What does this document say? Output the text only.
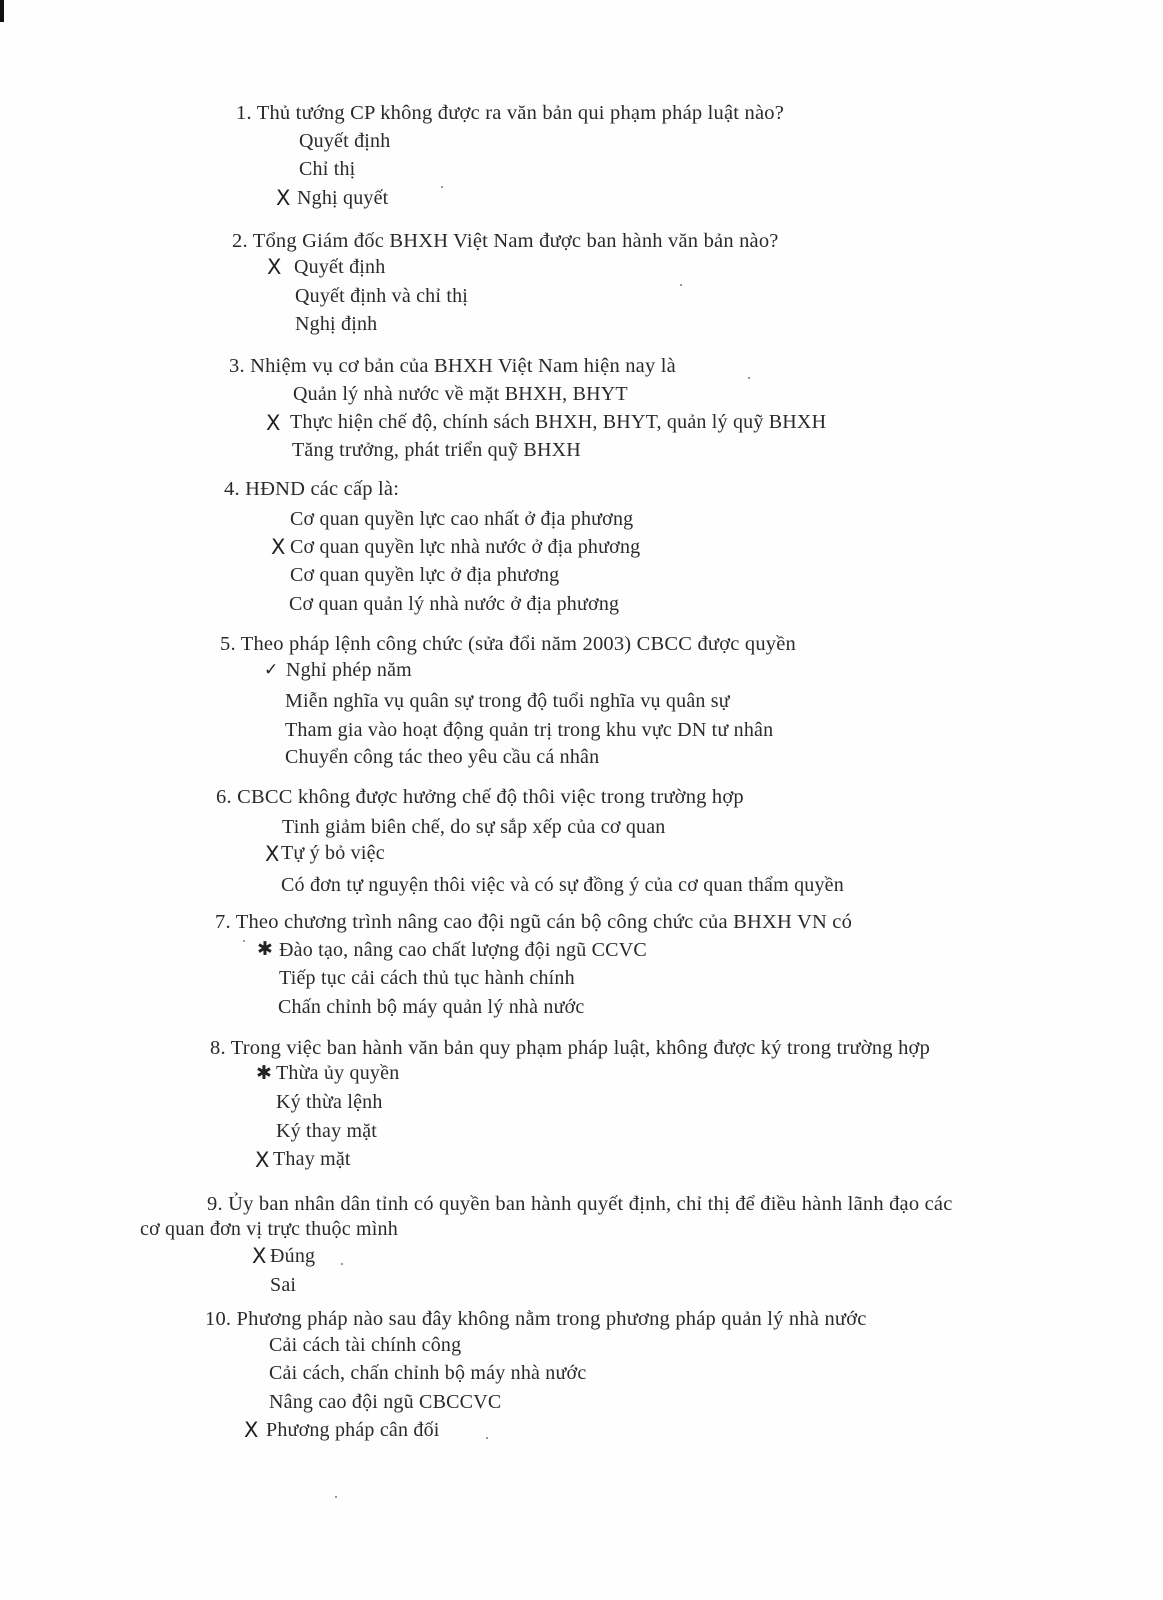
1. Thủ tướng CP không được ra văn bản qui phạm pháp luật nào?
Quyết định
Chỉ thị
X Nghị quyết
2. Tổng Giám đốc BHXH Việt Nam được ban hành văn bản nào?
X Quyết định
Quyết định và chỉ thị
Nghị định
3. Nhiệm vụ cơ bản của BHXH Việt Nam hiện nay là
Quản lý nhà nước về mặt BHXH, BHYT
X Thực hiện chế độ, chính sách BHXH, BHYT, quản lý quỹ BHXH
Tăng trưởng, phát triển quỹ BHXH
4. HĐND các cấp là:
Cơ quan quyền lực cao nhất ở địa phương
X Cơ quan quyền lực nhà nước ở địa phương
Cơ quan quyền lực ở địa phương
Cơ quan quản lý nhà nước ở địa phương
5. Theo pháp lệnh công chức (sửa đổi năm 2003) CBCC được quyền
✓ Nghỉ phép năm
Miễn nghĩa vụ quân sự trong độ tuổi nghĩa vụ quân sự
Tham gia vào hoạt động quản trị trong khu vực DN tư nhân
Chuyển công tác theo yêu cầu cá nhân
6. CBCC không được hưởng chế độ thôi việc trong trường hợp
Tinh giảm biên chế, do sự sắp xếp của cơ quan
X Tự ý bỏ việc
Có đơn tự nguyện thôi việc và có sự đồng ý của cơ quan thẩm quyền
7. Theo chương trình nâng cao đội ngũ cán bộ công chức của BHXH VN có
✱ Đào tạo, nâng cao chất lượng đội ngũ CCVC
Tiếp tục cải cách thủ tục hành chính
Chấn chỉnh bộ máy quản lý nhà nước
8. Trong việc ban hành văn bản quy phạm pháp luật, không được ký trong trường hợp
✱ Thừa ủy quyền
Ký thừa lệnh
Ký thay mặt
X Thay mặt
9. Ủy ban nhân dân tỉnh có quyền ban hành quyết định, chỉ thị để điều hành lãnh đạo các
cơ quan đơn vị trực thuộc mình
X Đúng
Sai
10. Phương pháp nào sau đây không nằm trong phương pháp quản lý nhà nước
Cải cách tài chính công
Cải cách, chấn chỉnh bộ máy nhà nước
Nâng cao đội ngũ CBCCVC
X Phương pháp cân đối
